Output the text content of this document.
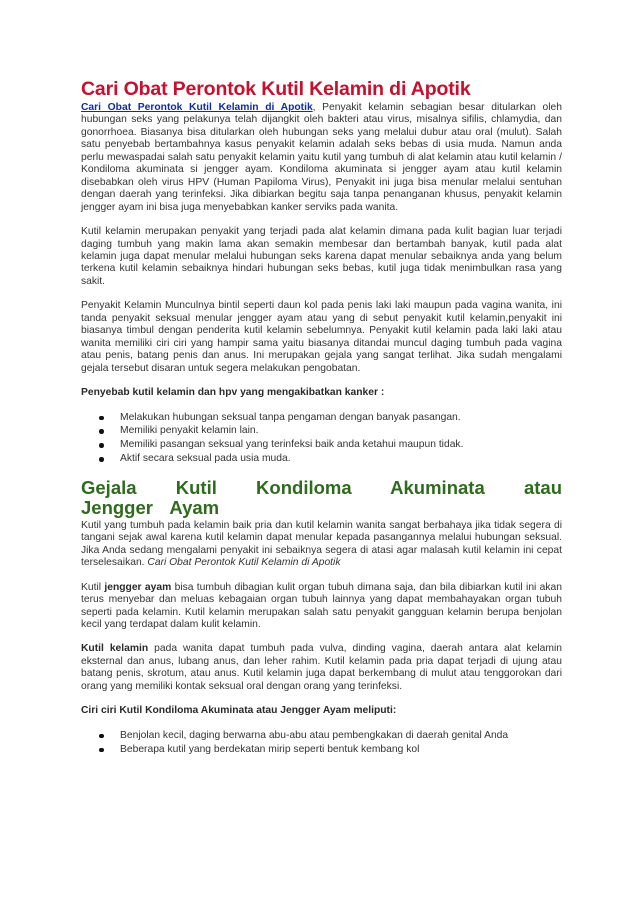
Cari Obat Perontok Kutil Kelamin di Apotik

Cari Obat Perontok Kutil Kelamin di Apotik, Penyakit kelamin sebagian besar ditularkan oleh hubungan seks yang pelakunya telah dijangkit oleh bakteri atau virus, misalnya sifilis, chlamydia, dan gonorrhoea. Biasanya bisa ditularkan oleh hubungan seks yang melalui dubur atau oral (mulut). Salah satu penyebab bertambahnya kasus penyakit kelamin adalah seks bebas di usia muda. Namun anda perlu mewaspadai salah satu penyakit kelamin yaitu kutil yang tumbuh di alat kelamin atau kutil kelamin / Kondiloma akuminata si jengger ayam. Kondiloma akuminata si jengger ayam atau kutil kelamin disebabkan oleh virus HPV (Human Papiloma Virus), Penyakit ini juga bisa menular melalui sentuhan dengan daerah yang terinfeksi. Jika dibiarkan begitu saja tanpa penanganan khusus, penyakit kelamin jengger ayam ini bisa juga menyebabkan kanker serviks pada wanita.

Kutil kelamin merupakan penyakit yang terjadi pada alat kelamin dimana pada kulit bagian luar terjadi daging tumbuh yang makin lama akan semakin membesar dan bertambah banyak, kutil pada alat kelamin juga dapat menular melalui hubungan seks karena dapat menular sebaiknya anda yang belum terkena kutil kelamin sebaiknya hindari hubungan seks bebas, kutil juga tidak menimbulkan rasa yang sakit.

Penyakit Kelamin Munculnya bintil seperti daun kol pada penis laki laki maupun pada vagina wanita, ini tanda penyakit seksual menular jengger ayam atau yang di sebut penyakit kutil kelamin,penyakit ini biasanya timbul dengan penderita kutil kelamin sebelumnya. Penyakit kutil kelamin pada laki laki atau wanita memiliki ciri ciri yang hampir sama yaitu biasanya ditandai muncul daging tumbuh pada vagina atau penis, batang penis dan anus. Ini merupakan gejala yang sangat terlihat. Jika sudah mengalami gejala tersebut disaran untuk segera melakukan pengobatan.

Penyebab kutil kelamin dan hpv yang mengakibatkan kanker :

Melakukan hubungan seksual tanpa pengaman dengan banyak pasangan.
Memiliki penyakit kelamin lain.
Memiliki pasangan seksual yang terinfeksi baik anda ketahui maupun tidak.
Aktif secara seksual pada usia muda.
Gejala Kutil Kondiloma Akuminata atau Jengger Ayam

Kutil yang tumbuh pada kelamin baik pria dan kutil kelamin wanita sangat berbahaya jika tidak segera di tangani sejak awal karena kutil kelamin dapat menular kepada pasangannya melalui hubungan seksual. Jika Anda sedang mengalami penyakit ini sebaiknya segera di atasi agar malasah kutil kelamin ini cepat terselesaikan. Cari Obat Perontok Kutil Kelamin di Apotik

Kutil jengger ayam bisa tumbuh dibagian kulit organ tubuh dimana saja, dan bila dibiarkan kutil ini akan terus menyebar dan meluas kebagaian organ tubuh lainnya yang dapat membahayakan organ tubuh seperti pada kelamin. Kutil kelamin merupakan salah satu penyakit gangguan kelamin berupa benjolan kecil yang terdapat dalam kulit kelamin.

Kutil kelamin pada wanita dapat tumbuh pada vulva, dinding vagina, daerah antara alat kelamin eksternal dan anus, lubang anus, dan leher rahim. Kutil kelamin pada pria dapat terjadi di ujung atau batang penis, skrotum, atau anus. Kutil kelamin juga dapat berkembang di mulut atau tenggorokan dari orang yang memiliki kontak seksual oral dengan orang yang terinfeksi.

Ciri ciri Kutil Kondiloma Akuminata atau Jengger Ayam meliputi:

Benjolan kecil, daging berwarna abu-abu atau pembengkakan di daerah genital Anda
Beberapa kutil yang berdekatan mirip seperti bentuk kembang kol
